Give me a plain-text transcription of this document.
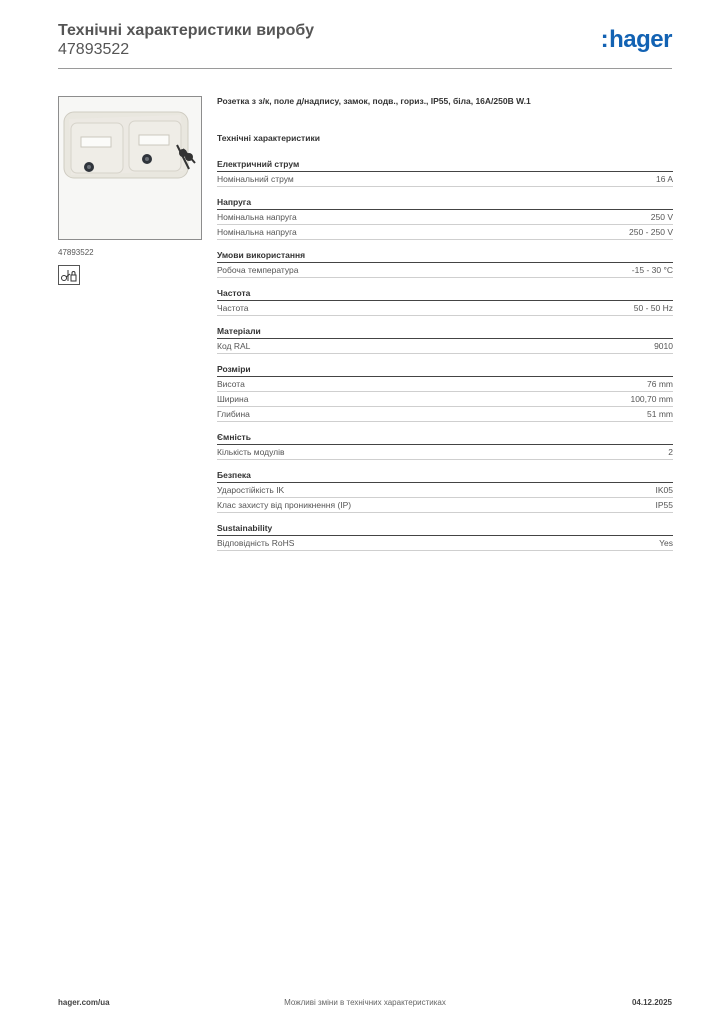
Технічні характеристики виробу
47893522	:hager
47893522
Розетка з з/к, поле д/надпису, замок, подв., гориз., IP55, біла, 16А/250В W.1
Технічні характеристики
Електричний струм
Номінальний струм	16 A
Напруга
Номінальна напруга	250 V
Номінальна напруга	250 - 250 V
Умови використання
Робоча температура	-15 - 30 °C
Частота
Частота	50 - 50 Hz
Матеріали
Код RAL	9010
Розміри
Висота	76 mm
Ширина	100,70 mm
Глибина	51 mm
Ємність
Кількість модулів	2
Безпека
Ударостійкість IK	IK05
Клас захисту від проникнення (IP)	IP55
Sustainability
Відповідність RoHS	Yes
hager.com/ua	Можливі зміни в технічних характеристиках	04.12.2025
